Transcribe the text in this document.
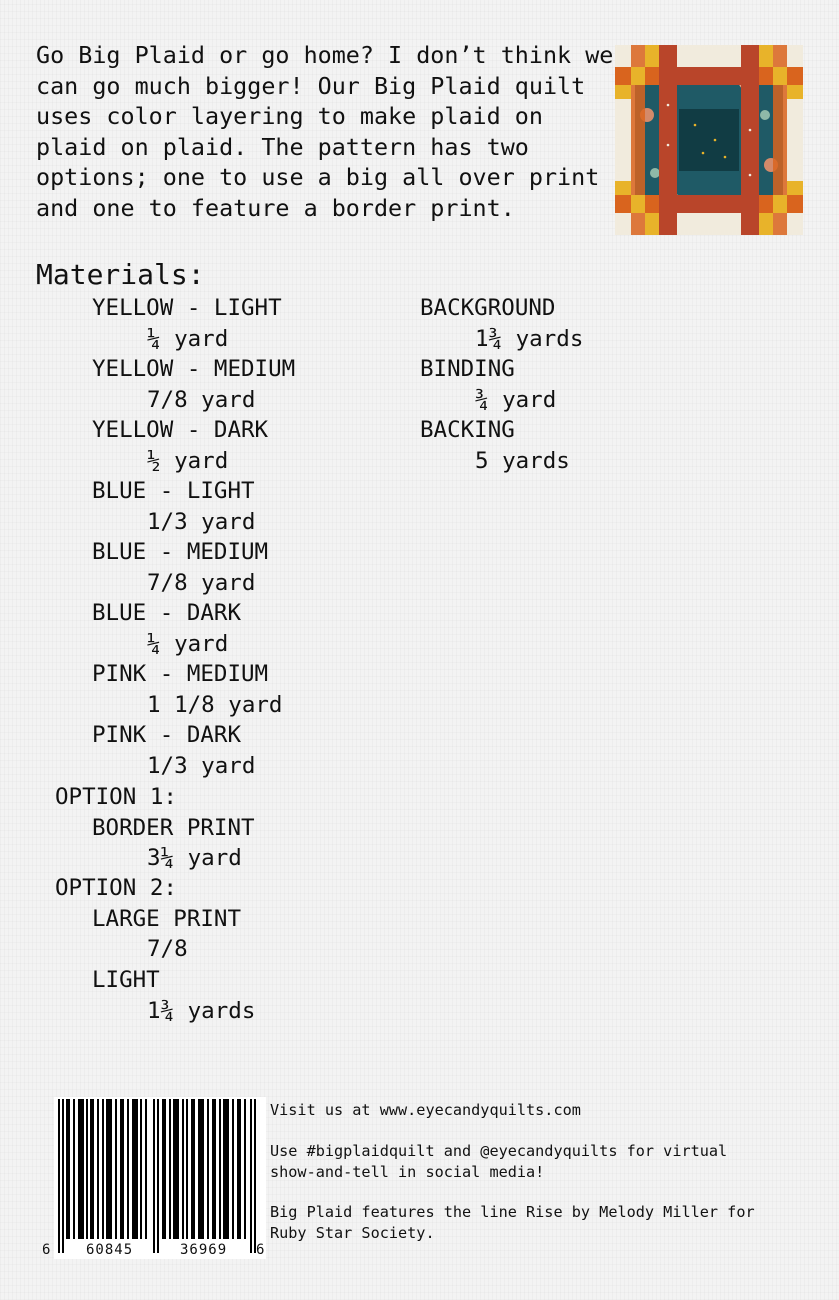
Go Big Plaid or go home? I don’t think we can go much bigger! Our Big Plaid quilt uses color layering to make plaid on plaid on plaid. The pattern has two options; one to use a big all over print and one to feature a border print.

Materials:
YELLOW - LIGHT
¼ yard
YELLOW - MEDIUM
7/8 yard
YELLOW - DARK
½ yard
BLUE - LIGHT
1/3 yard
BLUE - MEDIUM
7/8 yard
BLUE - DARK
¼ yard
PINK - MEDIUM
1 1/8 yard
PINK - DARK
1/3 yard
OPTION 1:
BORDER PRINT
3¼ yard
OPTION 2:
LARGE PRINT
7/8
LIGHT
1¾ yards
BACKGROUND
1¾ yards
BINDING
¾ yard
BACKING
5 yards
6	60845	36969 6
Visit us at www.eyecandyquilts.com
Use #bigplaidquilt and @eyecandyquilts for virtual
show-and-tell in social media!
Big Plaid features the line Rise by Melody Miller for
Ruby Star Society.
